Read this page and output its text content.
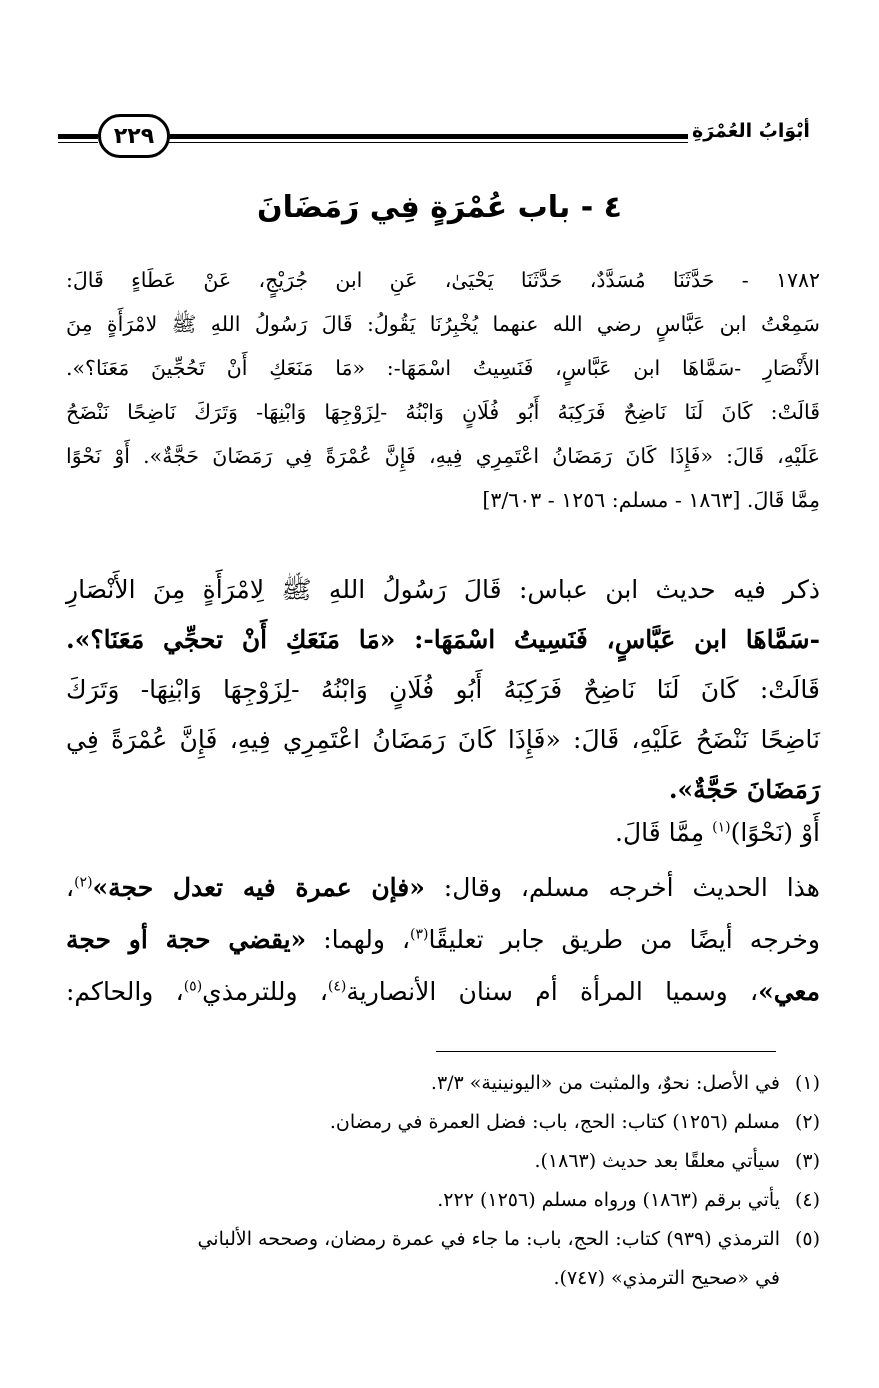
٢٢٩	أبْوَابُ العُمْرَةِ
٤ - باب عُمْرَةٍ فِي رَمَضَانَ
١٧٨٢ - حَدَّثَنَا مُسَدَّدٌ، حَدَّثَنَا يَحْيَىٰ، عَنِ ابن جُرَيْجٍ، عَنْ عَطَاءٍ قَالَ:
سَمِعْتُ ابن عَبَّاسٍ رضي الله عنهما يُخْبِرُنَا يَقُولُ: قَالَ رَسُولُ اللهِ ﷺ لامْرَأَةٍ مِنَ
الأَنْصَارِ -سَمَّاهَا ابن عَبَّاسٍ، فَنَسِيتُ اسْمَهَا-: «مَا مَنَعَكِ أَنْ تَحُجِّينَ مَعَنَا؟».
قَالَتْ: كَانَ لَنَا نَاضِحٌ فَرَكِبَهُ أَبُو فُلَانٍ وَابْنُهُ -لِزَوْجِهَا وَابْنِهَا- وَتَرَكَ نَاضِحًا نَنْضَحُ
عَلَيْهِ، قَالَ: «فَإِذَا كَانَ رَمَضَانُ اعْتَمِرِي فِيهِ، فَإِنَّ عُمْرَةً فِي رَمَضَانَ حَجَّةٌ». أَوْ نَحْوًا
مِمَّا قَالَ. [١٨٦٣ - مسلم: ١٢٥٦ - ٣/٦٠٣]
ذكر فيه حديث ابن عباس: قَالَ رَسُولُ اللهِ ﷺ لِامْرَأَةٍ مِنَ الأَنْصَارِ
-سَمَّاهَا ابن عَبَّاسٍ، فَنَسِيتُ اسْمَهَا-: «مَا مَنَعَكِ أَنْ تحجِّي مَعَنَا؟».
قَالَتْ: كَانَ لَنَا نَاضِحٌ فَرَكِبَهُ أَبُو فُلَانٍ وَابْنُهُ -لِزَوْجِهَا وَابْنِهَا- وَتَرَكَ
نَاضِحًا نَنْضَحُ عَلَيْهِ، قَالَ: «فَإِذَا كَانَ رَمَضَانُ اعْتَمِرِي فِيهِ، فَإِنَّ عُمْرَةً فِي
رَمَضَانَ حَجَّةٌ».
أَوْ (نَحْوًا)$^{(١)}$ مِمَّا قَالَ.
هذا الحديث أخرجه مسلم، وقال: «فإن عمرة فيه تعدل حجة»$^{(٢)}$،
وخرجه أيضًا من طريق جابر تعليقًا$^{(٣)}$، ولهما: «يقضي حجة أو حجة
معي»، وسميا المرأة أم سنان الأنصارية$^{(٤)}$، وللترمذي$^{(٥)}$، والحاكم:
(١)في الأصل: نحوٌ، والمثبت من «اليونينية» ٣/٣.
(٢)مسلم (١٢٥٦) كتاب: الحج، باب: فضل العمرة في رمضان.
(٣)سيأتي معلقًا بعد حديث (١٨٦٣).
(٤)يأتي برقم (١٨٦٣) ورواه مسلم (١٢٥٦) ٢٢٢.
(٥)الترمذي (٩٣٩) كتاب: الحج، باب: ما جاء في عمرة رمضان، وصححه الألباني
في «صحيح الترمذي» (٧٤٧).
